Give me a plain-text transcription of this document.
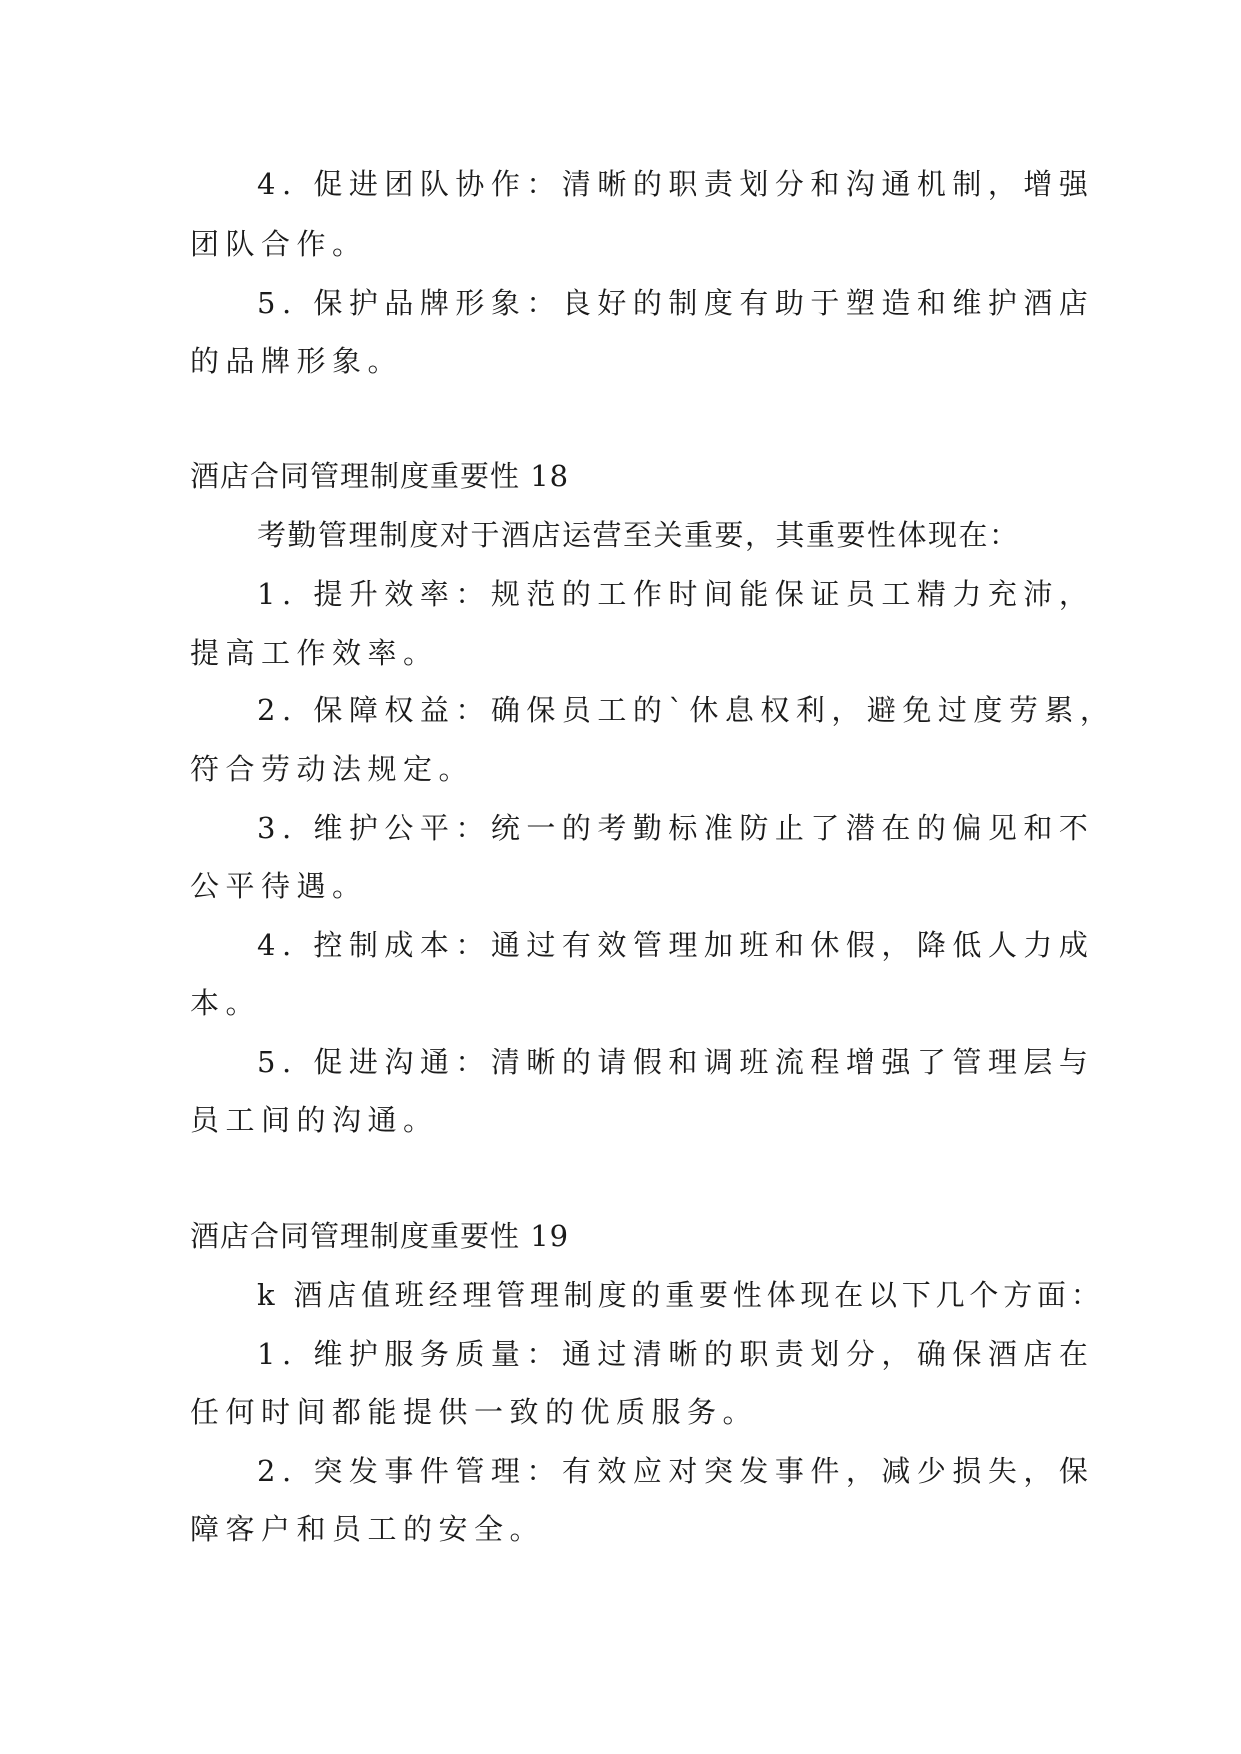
4. 促进团队协作：清晰的职责划分和沟通机制，增强
团队合作。
5. 保护品牌形象：良好的制度有助于塑造和维护酒店
的品牌形象。
酒店合同管理制度重要性 18
考勤管理制度对于酒店运营至关重要，其重要性体现在：
1. 提升效率：规范的工作时间能保证员工精力充沛，
提高工作效率。
2. 保障权益：确保员工的`休息权利，避免过度劳累，
符合劳动法规定。
3. 维护公平：统一的考勤标准防止了潜在的偏见和不
公平待遇。
4. 控制成本：通过有效管理加班和休假，降低人力成
本。
5. 促进沟通：清晰的请假和调班流程增强了管理层与
员工间的沟通。
酒店合同管理制度重要性 19
k 酒店值班经理管理制度的重要性体现在以下几个方面：
1. 维护服务质量：通过清晰的职责划分，确保酒店在
任何时间都能提供一致的优质服务。
2. 突发事件管理：有效应对突发事件，减少损失，保
障客户和员工的安全。
